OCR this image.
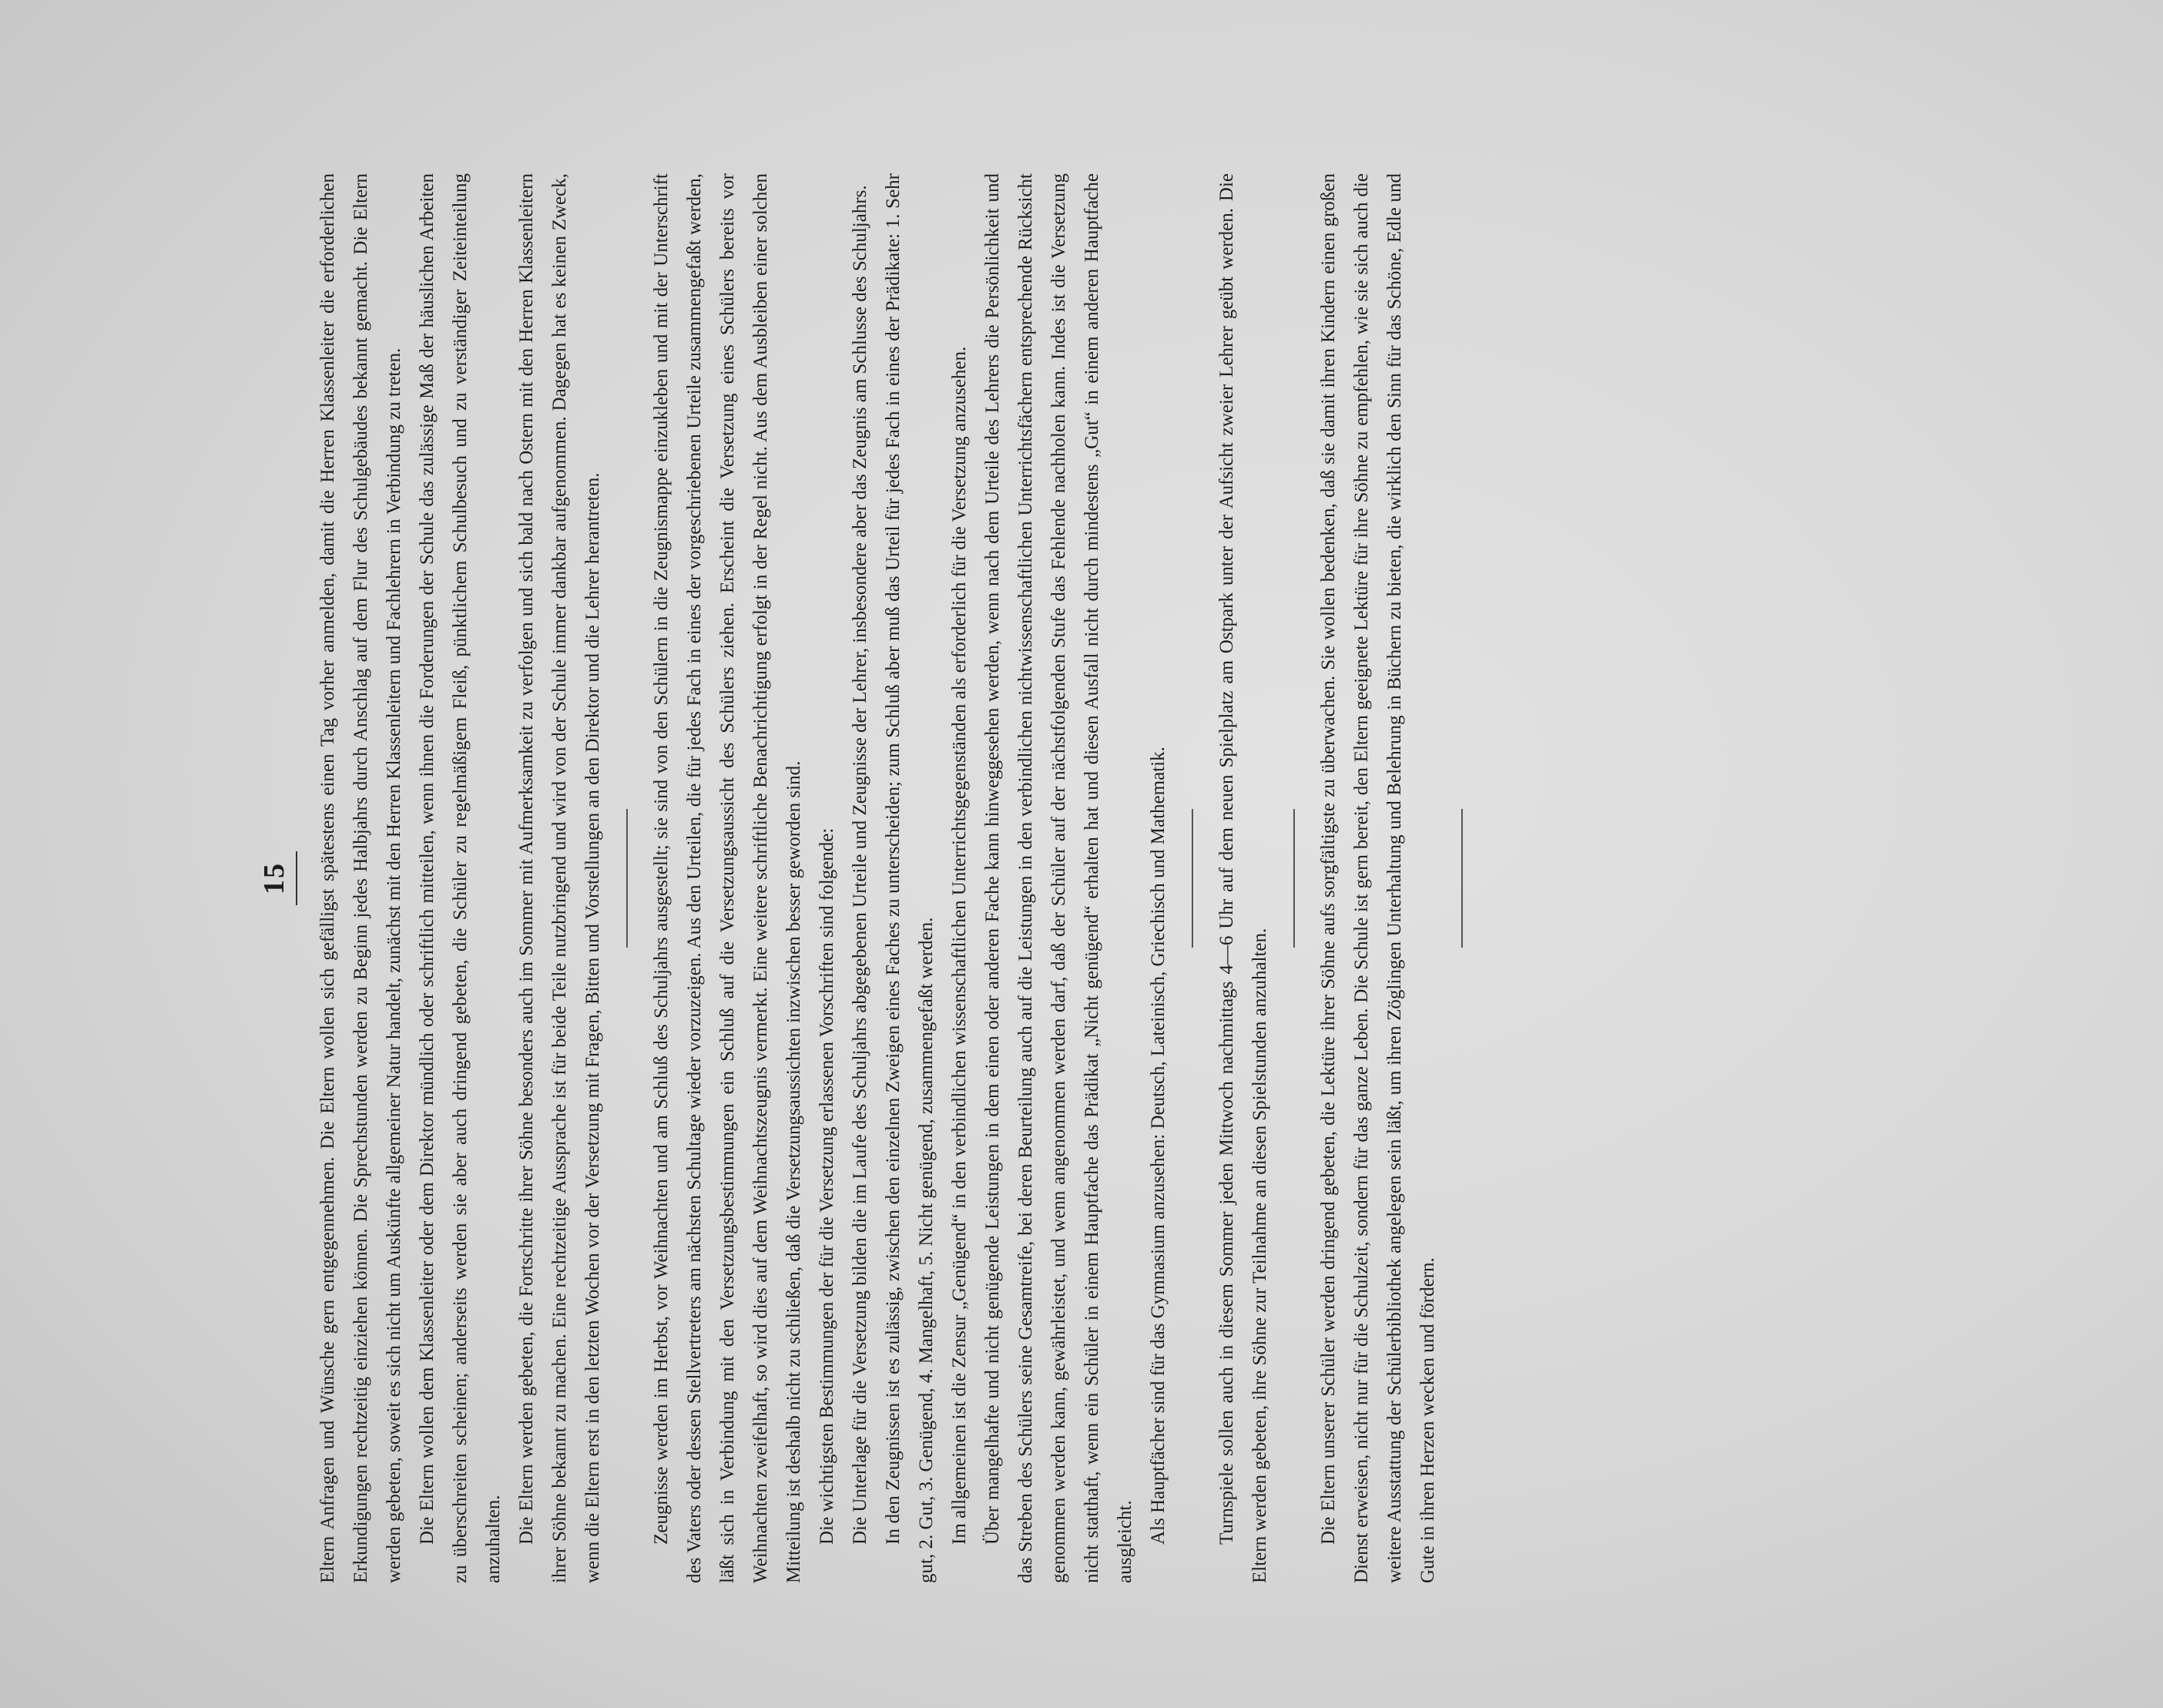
15	Eltern Anfragen und Wünsche gern entgegennehmen. Die Eltern wollen sich gefälligst spätestens einen Tag vorher anmelden, damit die Herren Klassenleiter die erforderlichen Erkundigungen rechtzeitig einziehen können. Die Sprechstunden werden zu Beginn jedes Halbjahrs durch Anschlag auf dem Flur des Schulgebäudes bekannt gemacht. Die Eltern werden gebeten, soweit es sich nicht um Auskünfte allgemeiner Natur handelt, zunächst mit den Herren Klassenleitern und Fachlehrern in Verbindung zu treten. Die Eltern wollen dem Klassenleiter oder dem Direktor mündlich oder schriftlich mitteilen, wenn ihnen die Forderungen der Schule das zulässige Maß der häuslichen Arbeiten zu überschreiten scheinen; anderseits werden sie aber auch dringend gebeten, die Schüler zu regelmäßigem Fleiß, pünktlichem Schulbesuch und zu verständiger Zeiteinteilung anzuhalten. Die Eltern werden gebeten, die Fortschritte ihrer Söhne besonders auch im Sommer mit Aufmerksamkeit zu verfolgen und sich bald nach Ostern mit den Herren Klassenleitern ihrer Söhne bekannt zu machen. Eine rechtzeitige Aussprache ist für beide Teile nutzbringend und wird von der Schule immer dankbar aufgenommen. Dagegen hat es keinen Zweck, wenn die Eltern erst in den letzten Wochen vor der Versetzung mit Fragen, Bitten und Vorstellungen an den Direktor und die Lehrer herantreten.	Zeugnisse werden im Herbst, vor Weihnachten und am Schluß des Schuljahrs ausgestellt; sie sind von den Schülern in die Zeugnismappe einzukleben und mit der Unterschrift des Vaters oder dessen Stellvertreters am nächsten Schultage wieder vorzuzeigen. Aus den Urteilen, die für jedes Fach in eines der vorgeschriebenen Urteile zusammengefaßt werden, läßt sich in Verbindung mit den Versetzungsbestimmungen ein Schluß auf die Versetzungsaussicht des Schülers ziehen. Erscheint die Versetzung eines Schülers bereits vor Weihnachten zweifelhaft, so wird dies auf dem Weihnachtszeugnis vermerkt. Eine weitere schriftliche Benachrichtigung erfolgt in der Regel nicht. Aus dem Ausbleiben einer solchen Mitteilung ist deshalb nicht zu schließen, daß die Versetzungsaussichten inzwischen besser geworden sind. Die wichtigsten Bestimmungen der für die Versetzung erlassenen Vorschriften sind folgende: Die Unterlage für die Versetzung bilden die im Laufe des Schuljahrs abgegebenen Urteile und Zeugnisse der Lehrer, insbesondere aber das Zeugnis am Schlusse des Schuljahrs. In den Zeugnissen ist es zulässig, zwischen den einzelnen Zweigen eines Faches zu unterscheiden; zum Schluß aber muß das Urteil für jedes Fach in eines der Prädikate: 1. Sehr gut, 2. Gut, 3. Genügend, 4. Mangelhaft, 5. Nicht genügend, zusammengefaßt werden. Im allgemeinen ist die Zensur „Genügend“ in den verbindlichen wissenschaftlichen Unterrichtsgegenständen als erforderlich für die Versetzung anzusehen. Über mangelhafte und nicht genügende Leistungen in dem einen oder anderen Fache kann hinweggesehen werden, wenn nach dem Urteile des Lehrers die Persönlichkeit und das Streben des Schülers seine Gesamtreife, bei deren Beurteilung auch auf die Leistungen in den verbindlichen nichtwissenschaftlichen Unterrichtsfächern entsprechende Rücksicht genommen werden kann, gewährleistet, und wenn angenommen werden darf, daß der Schüler auf der nächstfolgenden Stufe das Fehlende nachholen kann. Indes ist die Versetzung nicht statthaft, wenn ein Schüler in einem Hauptfache das Prädikat „Nicht genügend“ erhalten hat und diesen Ausfall nicht durch mindestens „Gut“ in einem anderen Hauptfache ausgleicht. Als Hauptfächer sind für das Gymnasium anzusehen: Deutsch, Lateinisch, Griechisch und Mathematik.	Turnspiele sollen auch in diesem Sommer jeden Mittwoch nachmittags 4—6 Uhr auf dem neuen Spielplatz am Ostpark unter der Aufsicht zweier Lehrer geübt werden. Die Eltern werden gebeten, ihre Söhne zur Teilnahme an diesen Spielstunden anzuhalten.	Die Eltern unserer Schüler werden dringend gebeten, die Lektüre ihrer Söhne aufs sorgfältigste zu überwachen. Sie wollen bedenken, daß sie damit ihren Kindern einen großen Dienst erweisen, nicht nur für die Schulzeit, sondern für das ganze Leben. Die Schule ist gern bereit, den Eltern geeignete Lektüre für ihre Söhne zu empfehlen, wie sie sich auch die weitere Ausstattung der Schülerbibliothek angelegen sein läßt, um ihren Zöglingen Unterhaltung und Belehrung in Büchern zu bieten, die wirklich den Sinn für das Schöne, Edle und Gute in ihren Herzen wecken und fördern.
